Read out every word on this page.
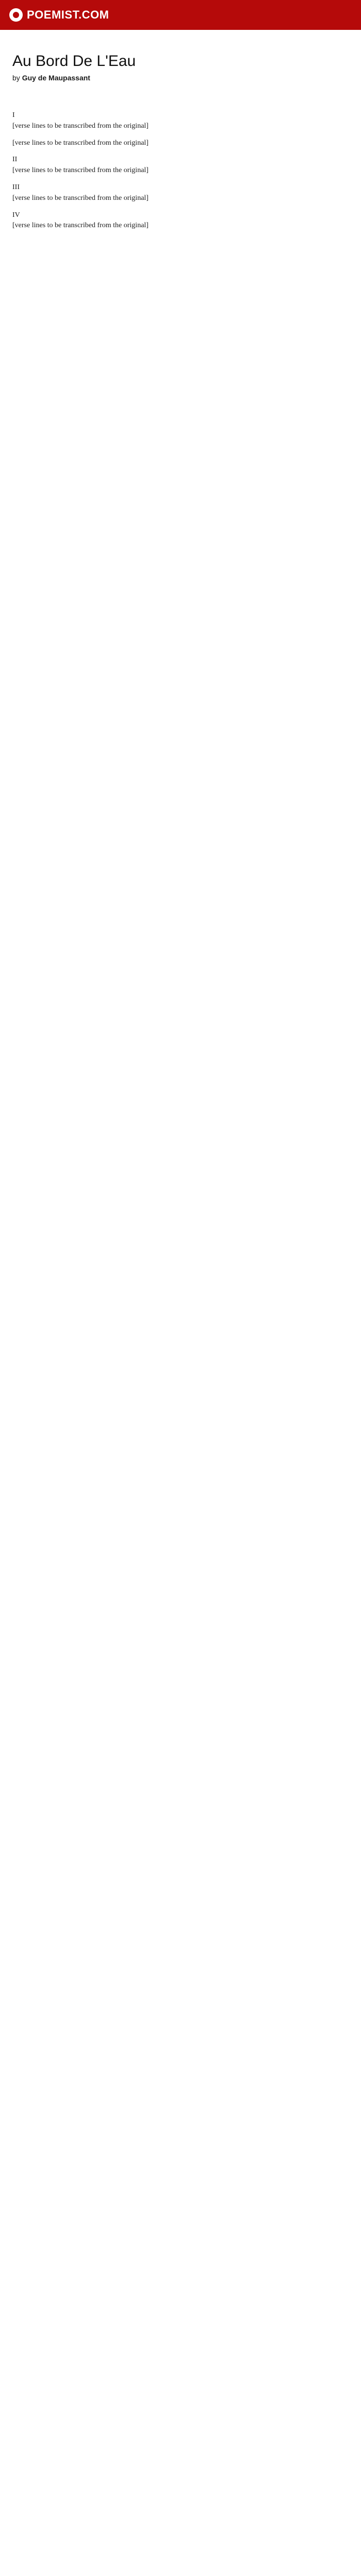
POEMIST.COM
Au Bord De L'Eau
by Guy de Maupassant
I
[verse lines to be transcribed from the original]
[verse lines to be transcribed from the original]
II
[verse lines to be transcribed from the original]
III
[verse lines to be transcribed from the original]
IV
[verse lines to be transcribed from the original]
